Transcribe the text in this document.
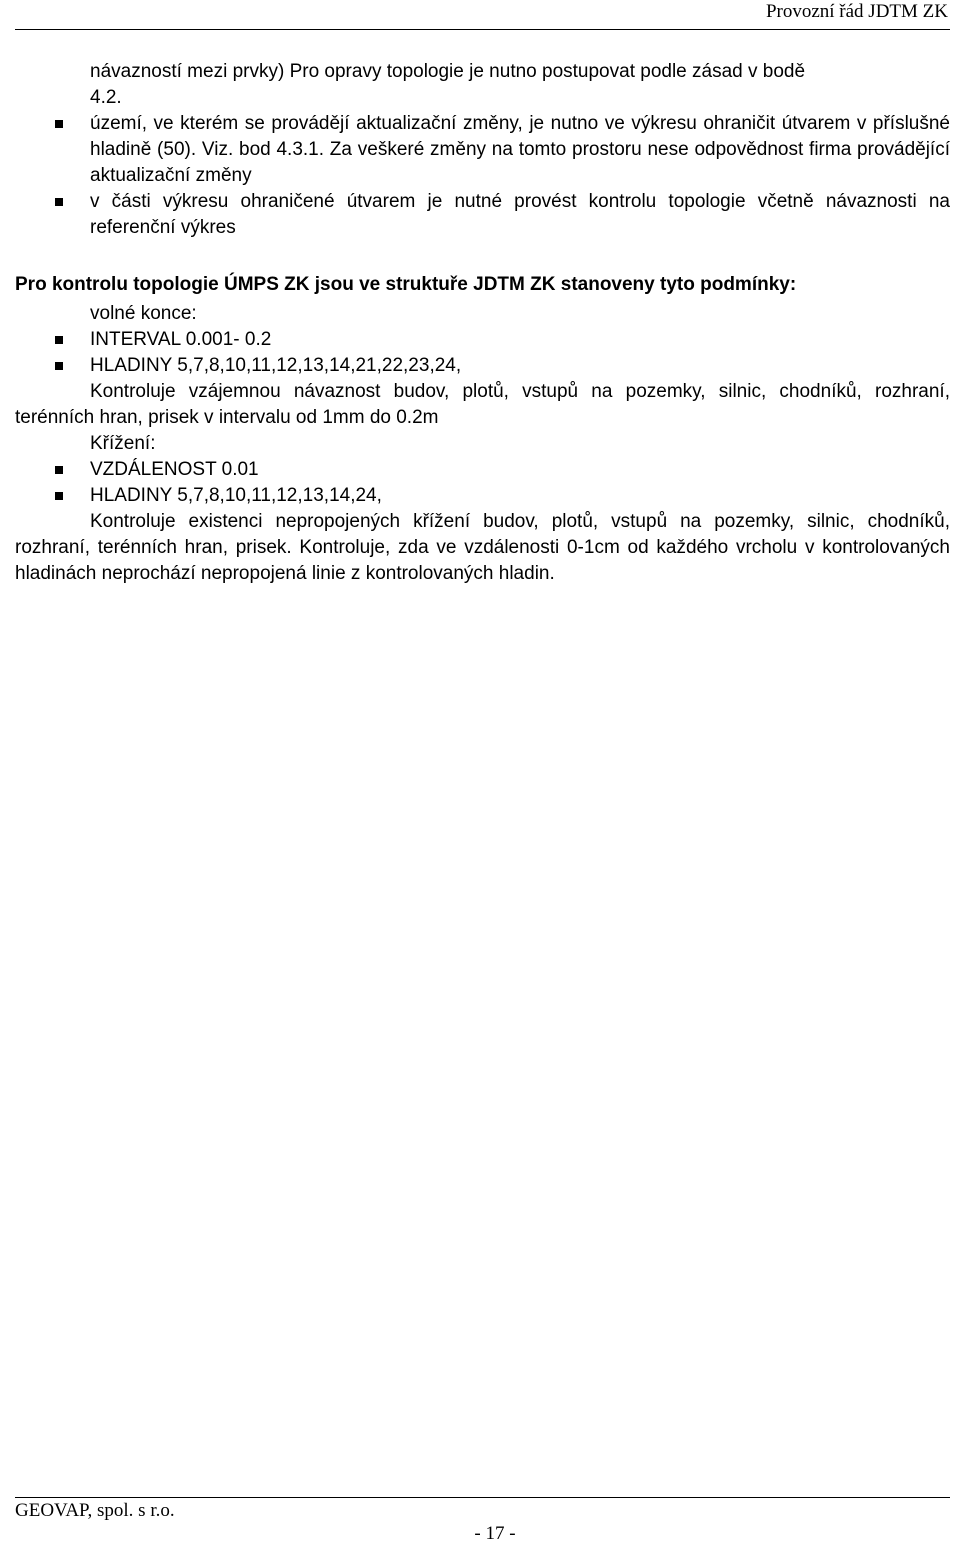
Provozní řád JDTM ZK
návazností mezi prvky) Pro opravy topologie je nutno postupovat podle zásad v bodě
4.2.
území, ve kterém se provádějí aktualizační změny, je nutno ve výkresu ohraničit útvarem v příslušné hladině (50). Viz. bod 4.3.1. Za veškeré změny na tomto prostoru nese odpovědnost firma provádějící aktualizační změny
v části výkresu ohraničené útvarem je nutné provést kontrolu topologie včetně návaznosti na referenční výkres
Pro kontrolu topologie ÚMPS ZK jsou ve struktuře JDTM ZK stanoveny tyto podmínky:
volné konce:
INTERVAL 0.001- 0.2
HLADINY 5,7,8,10,11,12,13,14,21,22,23,24,
Kontroluje vzájemnou návaznost budov, plotů, vstupů na pozemky, silnic, chodníků, rozhraní, terénních hran, prisek v intervalu od 1mm do 0.2m
Křížení:
VZDÁLENOST 0.01
HLADINY 5,7,8,10,11,12,13,14,24,
Kontroluje existenci nepropojených křížení budov, plotů, vstupů na pozemky, silnic, chodníků, rozhraní, terénních hran, prisek. Kontroluje, zda ve vzdálenosti 0-1cm od každého vrcholu v kontrolovaných hladinách neprochází nepropojená linie z kontrolovaných hladin.
GEOVAP, spol. s r.o.
- 17 -
